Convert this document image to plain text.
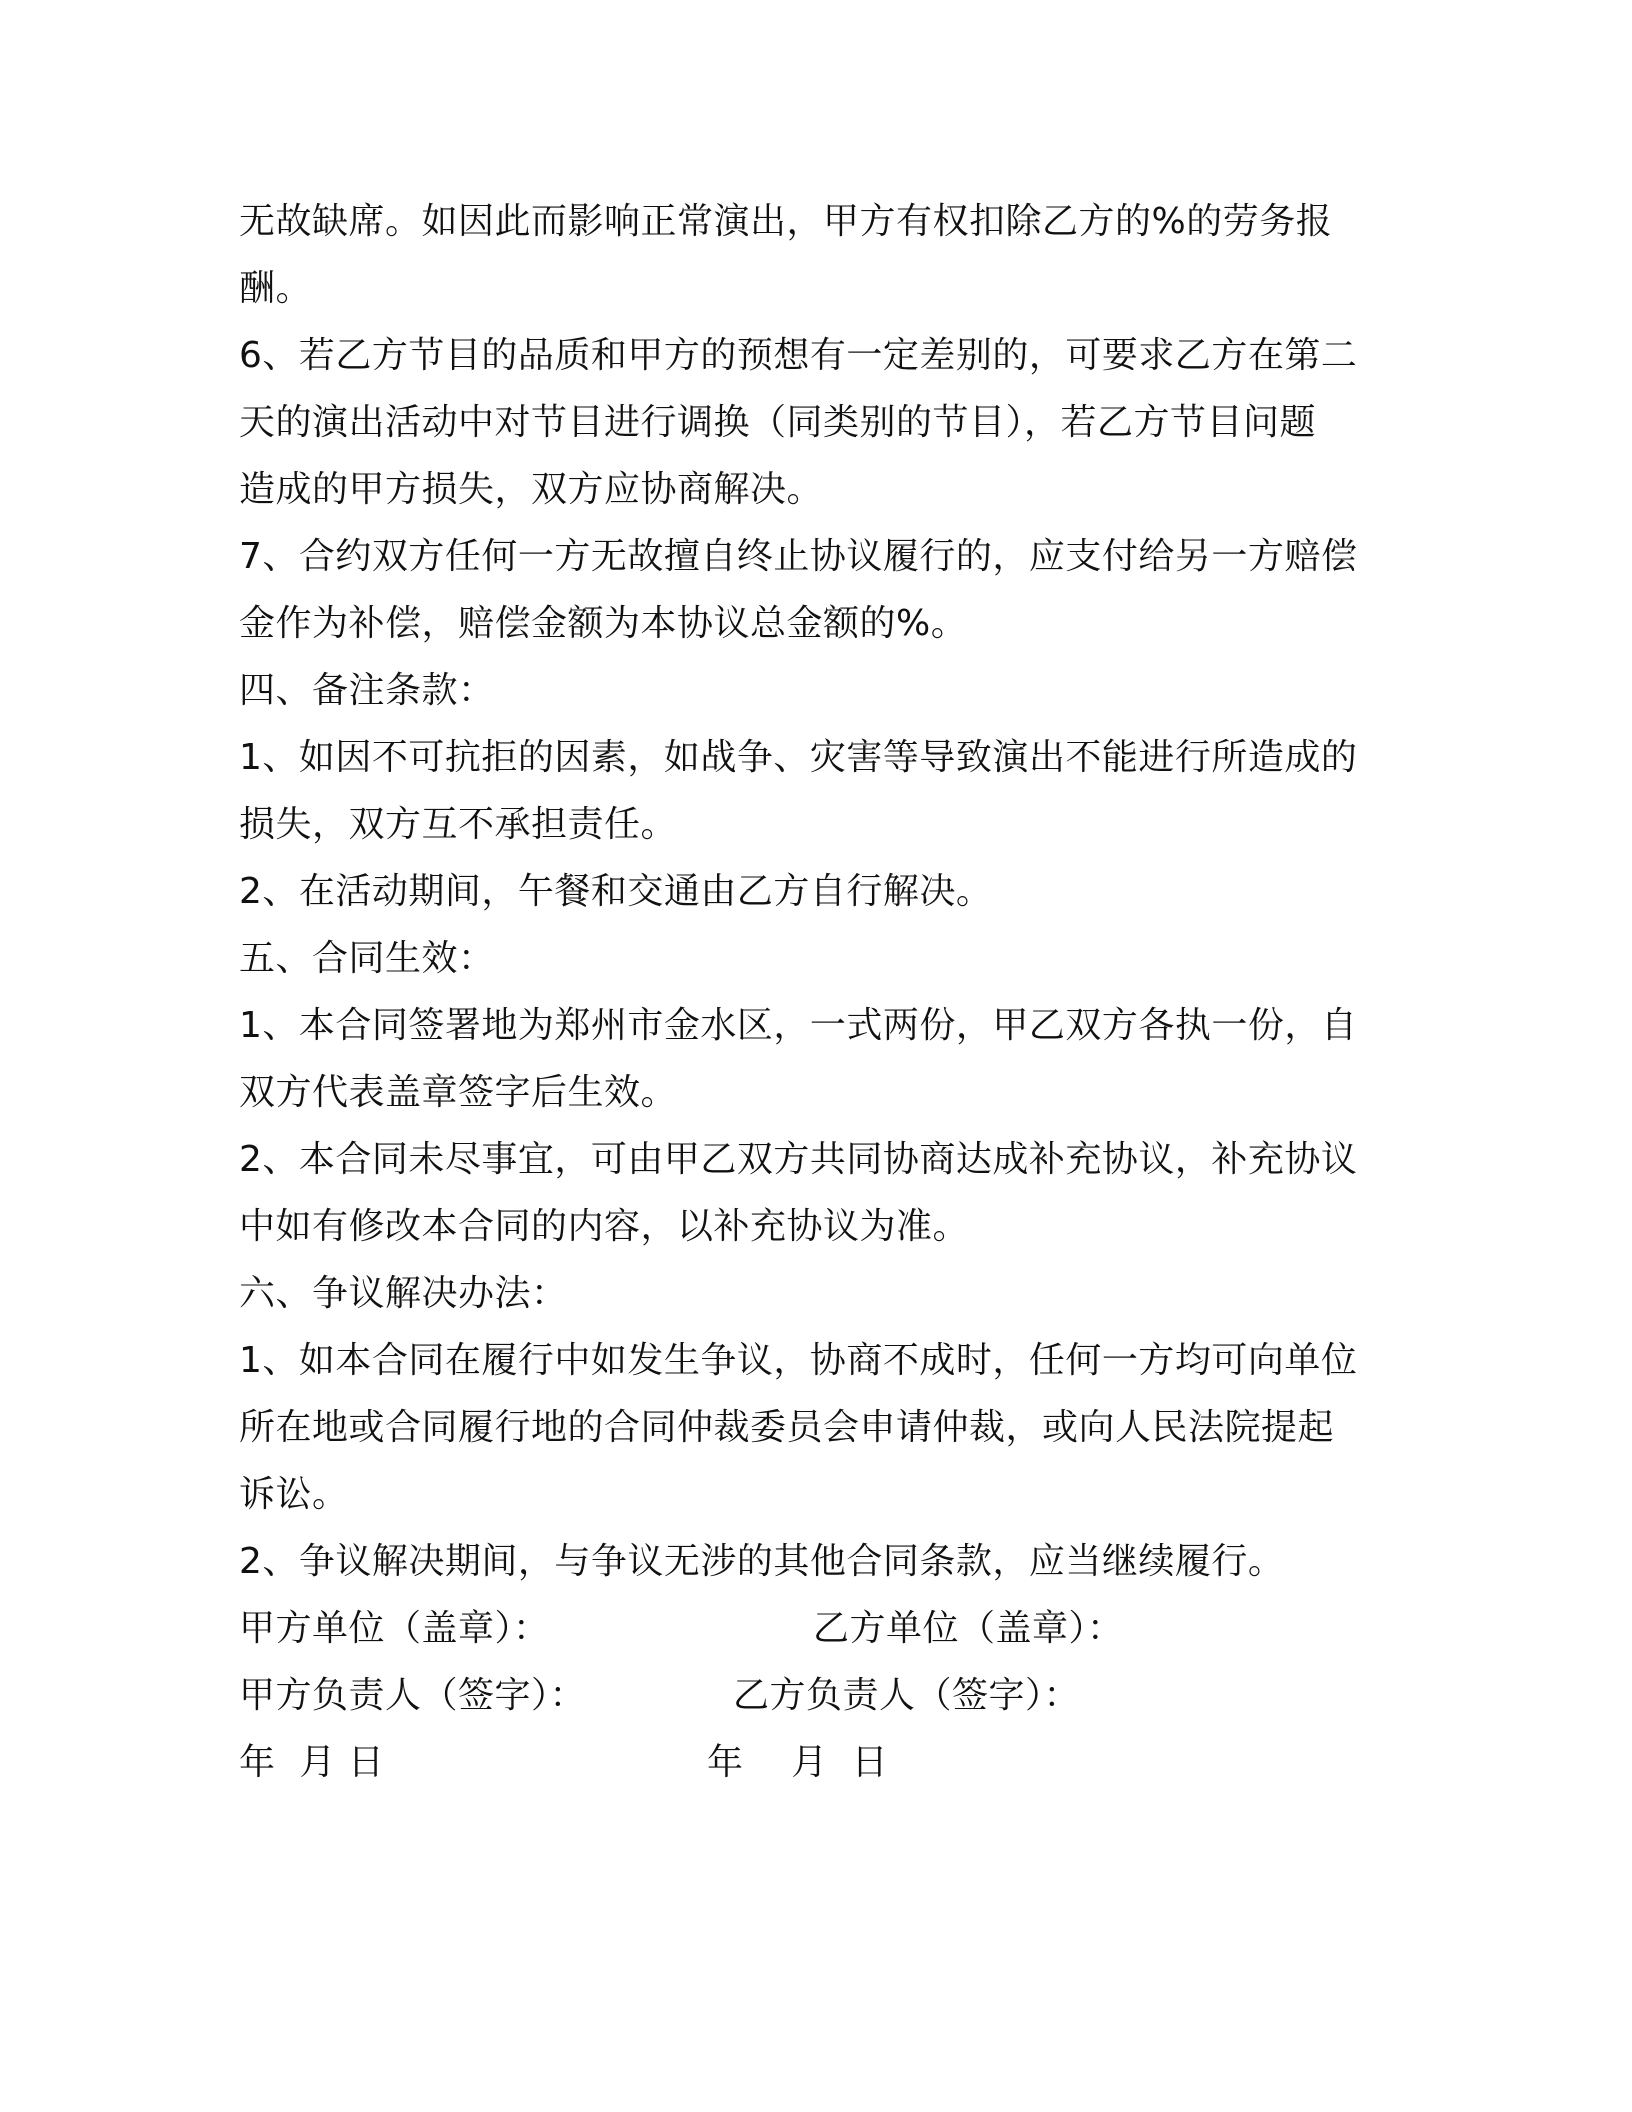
无故缺席。如因此而影响正常演出，甲方有权扣除乙方的%的劳务报
酬。
6、若乙方节目的品质和甲方的预想有一定差别的，可要求乙方在第二
天的演出活动中对节目进行调换（同类别的节目），若乙方节目问题
造成的甲方损失，双方应协商解决。
7、合约双方任何一方无故擅自终止协议履行的，应支付给另一方赔偿
金作为补偿，赔偿金额为本协议总金额的%。
四、备注条款：
1、如因不可抗拒的因素，如战争、灾害等导致演出不能进行所造成的
损失，双方互不承担责任。
2、在活动期间，午餐和交通由乙方自行解决。
五、合同生效：
1、本合同签署地为郑州市金水区，一式两份，甲乙双方各执一份，自
双方代表盖章签字后生效。
2、本合同未尽事宜，可由甲乙双方共同协商达成补充协议，补充协议
中如有修改本合同的内容，以补充协议为准。
六、争议解决办法：
1、如本合同在履行中如发生争议，协商不成时，任何一方均可向单位
所在地或合同履行地的合同仲裁委员会申请仲裁，或向人民法院提起
诉讼。
2、争议解决期间，与争议无涉的其他合同条款，应当继续履行。
甲方单位（盖章）：	乙方单位（盖章）：
甲方负责人（签字）：	乙方负责人（签字）：
年  月 日	年    月  日
